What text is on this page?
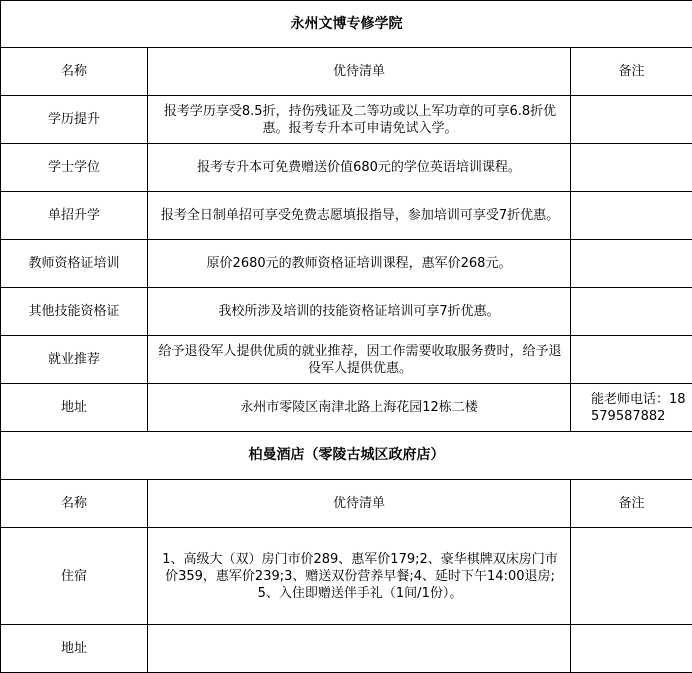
永州文博专修学院		
名称	优待清单	备注
学历提升	报考学历享受8.5折，持伤残证及二等功或以上军功章的可享6.8折优惠。报考专升本可申请免试入学。	
学士学位	报考专升本可免费赠送价值680元的学位英语培训课程。	
单招升学	报考全日制单招可享受免费志愿填报指导，参加培训可享受7折优惠。	
教师资格证培训	原价2680元的教师资格证培训课程，惠军价268元。	
其他技能资格证	我校所涉及培训的技能资格证培训可享7折优惠。	
就业推荐	给予退役军人提供优质的就业推荐，因工作需要收取服务费时，给予退役军人提供优惠。	
地址	永州市零陵区南津北路上海花园12栋二楼	能老师电话：18579587882
柏曼酒店（零陵古城区政府店）		
名称	优待清单	备注
住宿	1、高级大（双）房门市价289、惠军价179;2、豪华棋牌双床房门市价359，惠军价239;3、赠送双份营养早餐;4、延时下午14:00退房;5、入住即赠送伴手礼（1间/1份）。	
地址		
